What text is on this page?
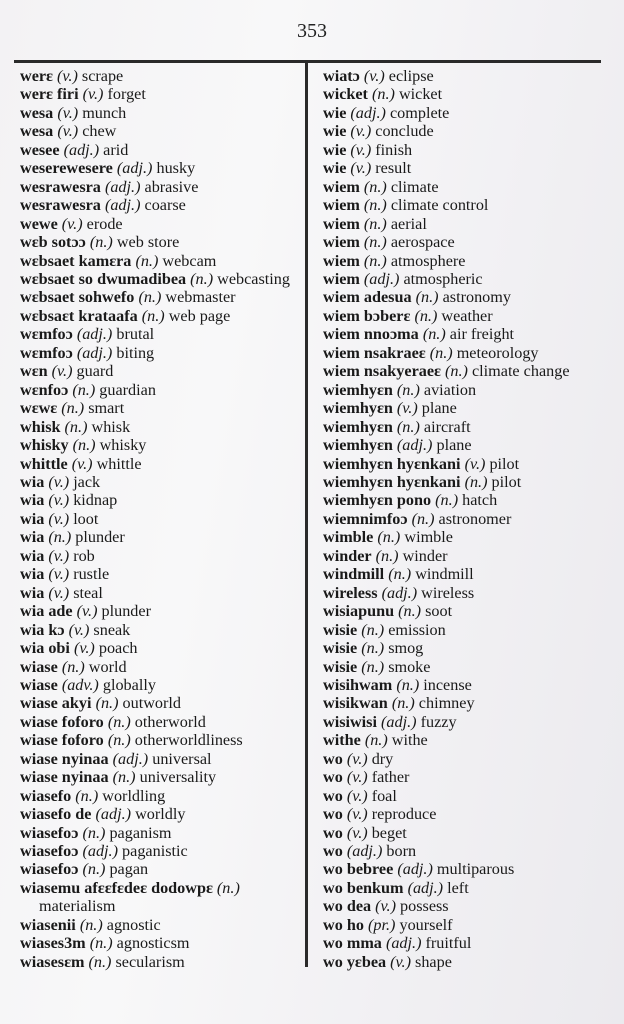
353
werɛ (v.) scrape
werɛ firi (v.) forget
wesa (v.) munch
wesa (v.) chew
wesee (adj.) arid
weserewesere (adj.) husky
wesrawesra (adj.) abrasive
wesrawesra (adj.) coarse
wewe (v.) erode
wɛb sotɔɔ (n.) web store
wɛbsaet kamɛra (n.) webcam
wɛbsaet so dwumadibea (n.) webcasting
wɛbsaet sohwefo (n.) webmaster
wɛbsaɛt krataafa (n.) web page
wɛmfoɔ (adj.) brutal
wɛmfoɔ (adj.) biting
wɛn (v.) guard
wɛnfoɔ (n.) guardian
wɛwɛ (n.) smart
whisk (n.) whisk
whisky (n.) whisky
whittle (v.) whittle
wia (v.) jack
wia (v.) kidnap
wia (v.) loot
wia (n.) plunder
wia (v.) rob
wia (v.) rustle
wia (v.) steal
wia ade (v.) plunder
wia kɔ (v.) sneak
wia obi (v.) poach
wiase (n.) world
wiase (adv.) globally
wiase akyi (n.) outworld
wiase foforo (n.) otherworld
wiase foforo (n.) otherworldliness
wiase nyinaa (adj.) universal
wiase nyinaa (n.) universality
wiasefo (n.) worldling
wiasefo de (adj.) worldly
wiasefoɔ (n.) paganism
wiasefoɔ (adj.) paganistic
wiasefoɔ (n.) pagan
wiasemu afɛɛfɛdeɛ dodowpɛ (n.)
materialism
wiasenii (n.) agnostic
wiases3m (n.) agnosticsm
wiasesɛm (n.) secularism
wiatɔ (v.) eclipse
wicket (n.) wicket
wie (adj.) complete
wie (v.) conclude
wie (v.) finish
wie (v.) result
wiem (n.) climate
wiem (n.) climate control
wiem (n.) aerial
wiem (n.) aerospace
wiem (n.) atmosphere
wiem (adj.) atmospheric
wiem adesua (n.) astronomy
wiem bɔberɛ (n.) weather
wiem nnoɔma (n.) air freight
wiem nsakraeɛ (n.) meteorology
wiem nsakyeraeɛ (n.) climate change
wiemhyɛn (n.) aviation
wiemhyɛn (v.) plane
wiemhyɛn (n.) aircraft
wiemhyɛn (adj.) plane
wiemhyɛn hyɛnkani (v.) pilot
wiemhyɛn hyɛnkani (n.) pilot
wiemhyɛn pono (n.) hatch
wiemnimfoɔ (n.) astronomer
wimble (n.) wimble
winder (n.) winder
windmill (n.) windmill
wireless (adj.) wireless
wisiapunu (n.) soot
wisie (n.) emission
wisie (n.) smog
wisie (n.) smoke
wisihwam (n.) incense
wisikwan (n.) chimney
wisiwisi (adj.) fuzzy
withe (n.) withe
wo (v.) dry
wo (v.) father
wo (v.) foal
wo (v.) reproduce
wo (v.) beget
wo (adj.) born
wo bebree (adj.) multiparous
wo benkum (adj.) left
wo dea (v.) possess
wo ho (pr.) yourself
wo mma (adj.) fruitful
wo yɛbea (v.) shape
